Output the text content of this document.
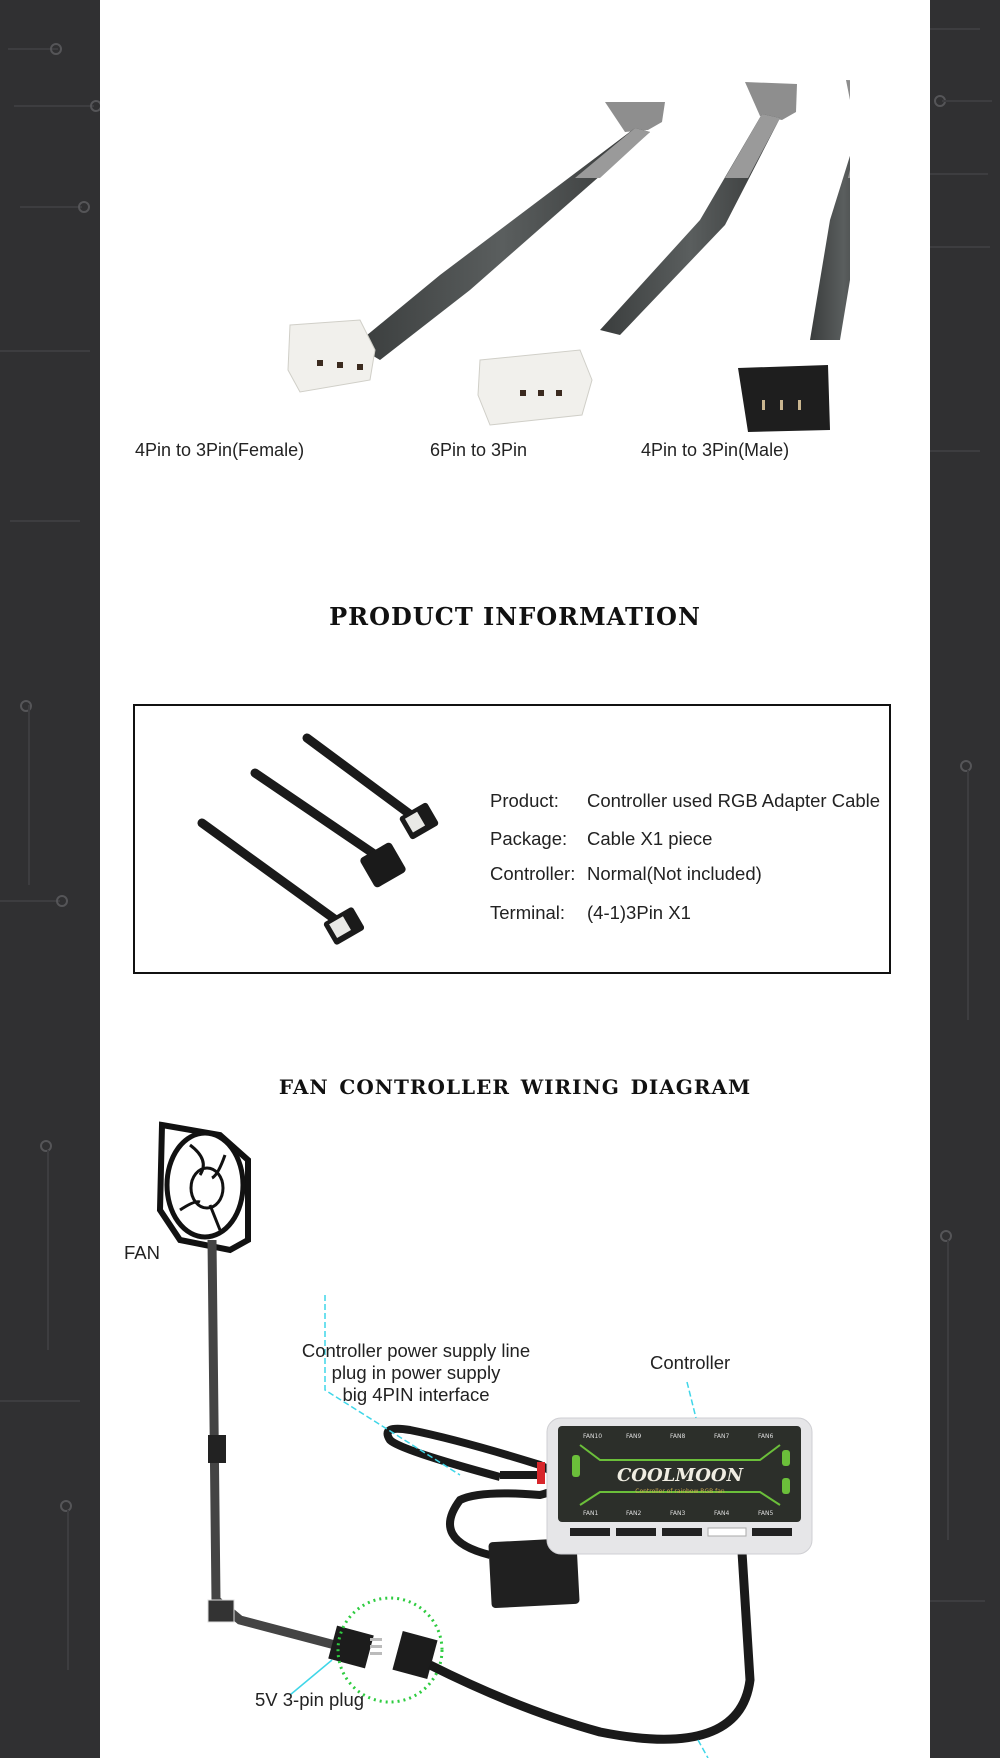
4Pin to 3Pin(Female)	6Pin to 3Pin	4Pin to 3Pin(Male)
PRODUCT INFORMATION
Product: Controller used RGB Adapter Cable
Package: Cable X1 piece
Controller: Normal(Not included)
Terminal: (4-1)3Pin X1
fan controller wiring diagram
COOLMOON
Controller of rainbow RGB fan
FAN10	FAN9	FAN8	FAN7	FAN6
FAN1	FAN2	FAN3	FAN4	FAN5
FAN
Controller power supply line
plug in power supply
big 4PIN interface
Controller
5V 3-pin plug
